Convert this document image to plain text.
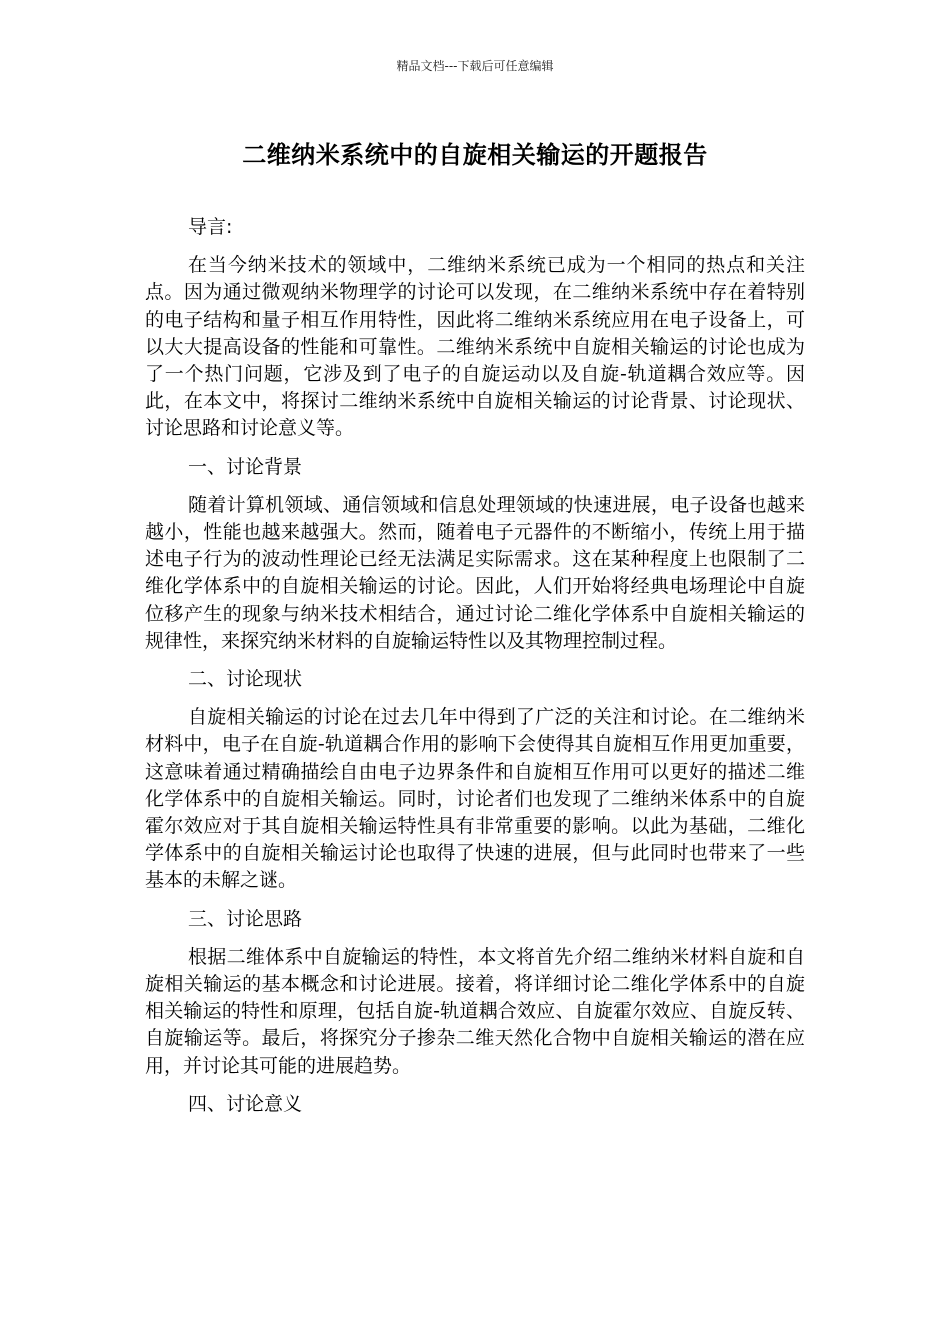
精品文档---下载后可任意编辑
二维纳米系统中的自旋相关输运的开题报告

导言:

在当今纳米技术的领域中，二维纳米系统已成为一个相同的热点和关注点。因为通过微观纳米物理学的讨论可以发现，在二维纳米系统中存在着特别的电子结构和量子相互作用特性，因此将二维纳米系统应用在电子设备上，可以大大提高设备的性能和可靠性。二维纳米系统中自旋相关输运的讨论也成为了一个热门问题，它涉及到了电子的自旋运动以及自旋-轨道耦合效应等。因此，在本文中，将探讨二维纳米系统中自旋相关输运的讨论背景、讨论现状、讨论思路和讨论意义等。

一、讨论背景

随着计算机领域、通信领域和信息处理领域的快速进展，电子设备也越来越小，性能也越来越强大。然而，随着电子元器件的不断缩小，传统上用于描述电子行为的波动性理论已经无法满足实际需求。这在某种程度上也限制了二维化学体系中的自旋相关输运的讨论。因此，人们开始将经典电场理论中自旋位移产生的现象与纳米技术相结合，通过讨论二维化学体系中自旋相关输运的规律性，来探究纳米材料的自旋输运特性以及其物理控制过程。

二、讨论现状

自旋相关输运的讨论在过去几年中得到了广泛的关注和讨论。在二维纳米材料中，电子在自旋-轨道耦合作用的影响下会使得其自旋相互作用更加重要，这意味着通过精确描绘自由电子边界条件和自旋相互作用可以更好的描述二维化学体系中的自旋相关输运。同时，讨论者们也发现了二维纳米体系中的自旋霍尔效应对于其自旋相关输运特性具有非常重要的影响。以此为基础，二维化学体系中的自旋相关输运讨论也取得了快速的进展，但与此同时也带来了一些基本的未解之谜。

三、讨论思路

根据二维体系中自旋输运的特性，本文将首先介绍二维纳米材料自旋和自旋相关输运的基本概念和讨论进展。接着，将详细讨论二维化学体系中的自旋相关输运的特性和原理，包括自旋-轨道耦合效应、自旋霍尔效应、自旋反转、自旋输运等。最后，将探究分子掺杂二维天然化合物中自旋相关输运的潜在应用，并讨论其可能的进展趋势。

四、讨论意义
